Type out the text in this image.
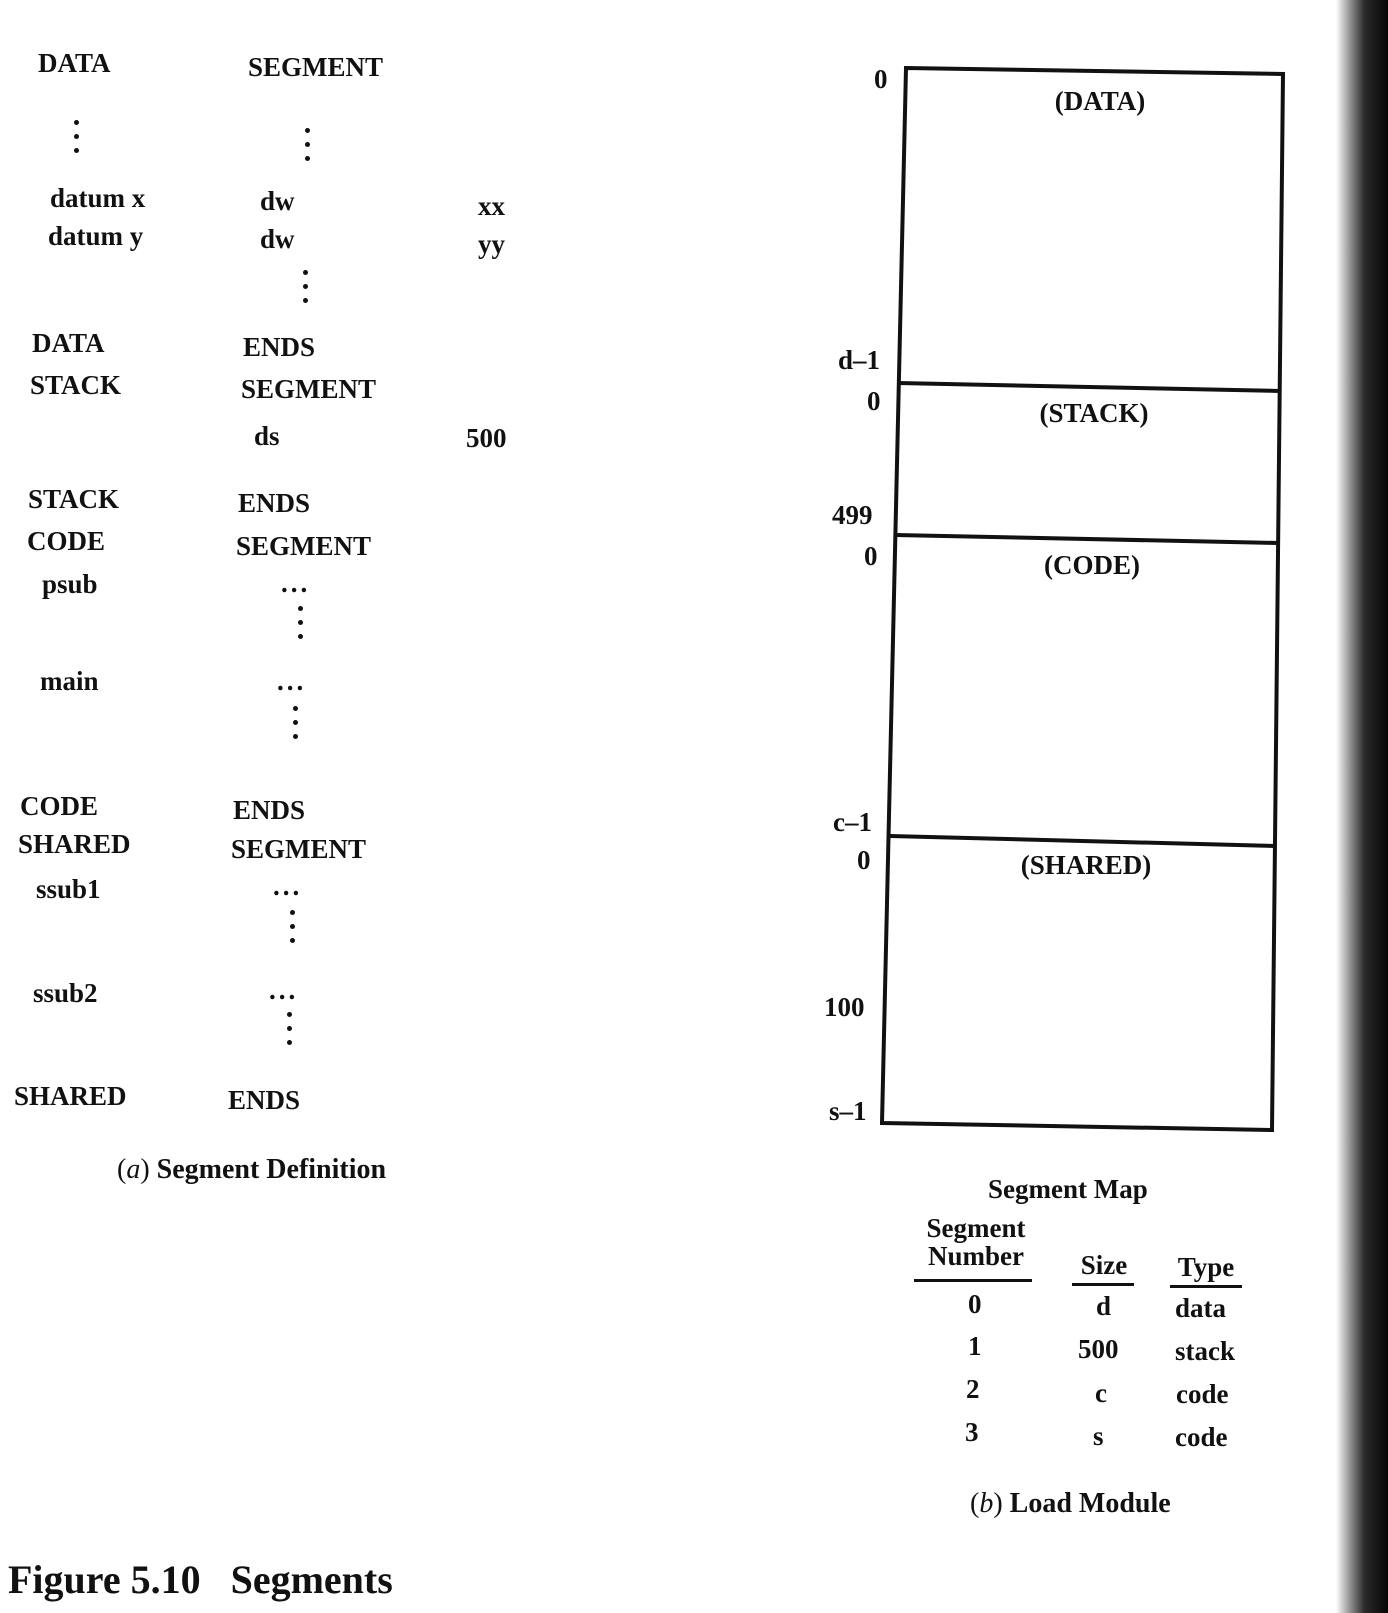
DATA	SEGMENT
datum x	dw	xx
datum y	dw	yy
DATA	ENDS
STACK	SEGMENT
ds	500
STACK	ENDS
CODE	SEGMENT
psub	...
main	...
CODE	ENDS
SHARED	SEGMENT
ssub1	...
ssub2	...
SHARED	ENDS
(a) Segment Definition
0
(DATA)
d–1
0	(STACK)
499
0	(CODE)
c–1
0	(SHARED)
100
s–1
Segment Map
Segment Number	Size	Type
0	d data
1	500 stack
2	c	code
3	s	code
(b) Load Module
Figure 5.10 Segments
